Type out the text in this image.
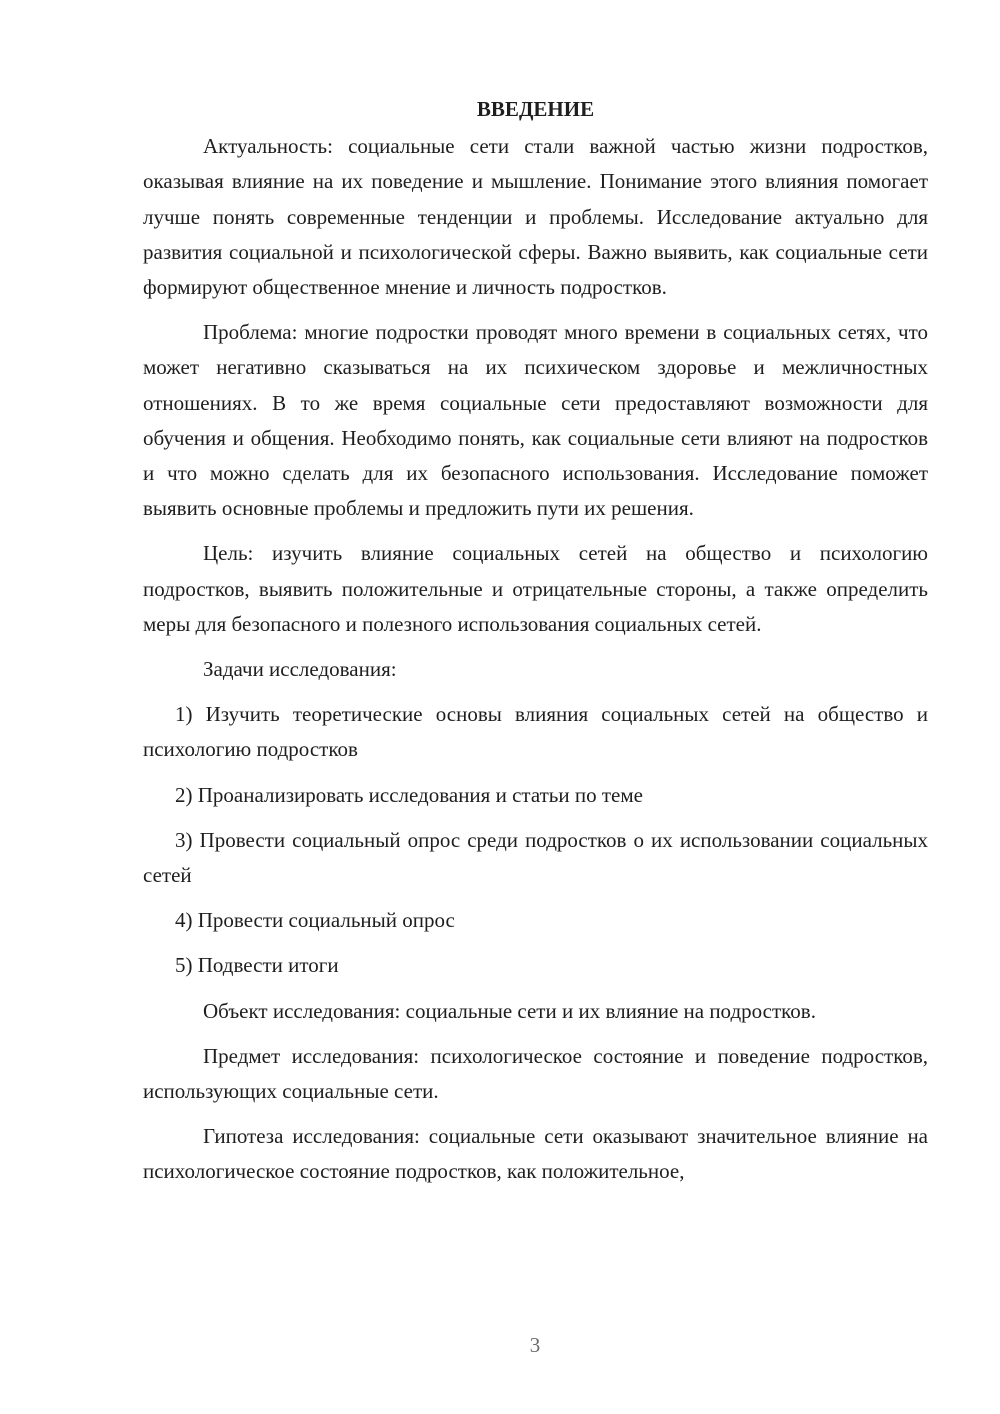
ВВЕДЕНИЕ

Актуальность: социальные сети стали важной частью жизни подростков, оказывая влияние на их поведение и мышление. Понимание этого влияния помогает лучше понять современные тенденции и проблемы. Исследование актуально для развития социальной и психологической сферы. Важно выявить, как социальные сети формируют общественное мнение и личность подростков.

Проблема: многие подростки проводят много времени в социальных сетях, что может негативно сказываться на их психическом здоровье и межличностных отношениях. В то же время социальные сети предоставляют возможности для обучения и общения. Необходимо понять, как социальные сети влияют на подростков и что можно сделать для их безопасного использования. Исследование поможет выявить основные проблемы и предложить пути их решения.

Цель: изучить влияние социальных сетей на общество и психологию подростков, выявить положительные и отрицательные стороны, а также определить меры для безопасного и полезного использования социальных сетей.

Задачи исследования:

1) Изучить теоретические основы влияния социальных сетей на общество и психологию подростков

2) Проанализировать исследования и статьи по теме

3) Провести социальный опрос среди подростков о их использовании социальных сетей

4) Провести социальный опрос

5) Подвести итоги

Объект исследования: социальные сети и их влияние на подростков.

Предмет исследования: психологическое состояние и поведение подростков, использующих социальные сети.

Гипотеза исследования: социальные сети оказывают значительное влияние на психологическое состояние подростков, как положительное,

3
